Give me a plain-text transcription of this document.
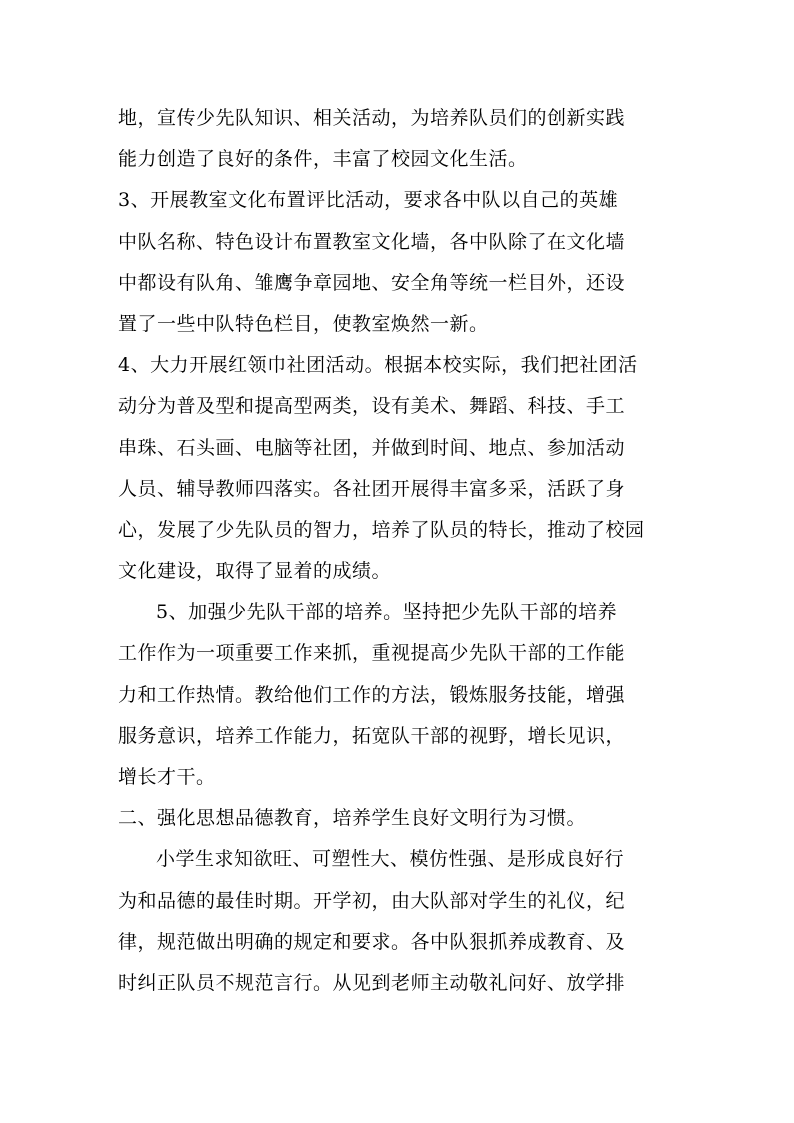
地，宣传少先队知识、相关活动，为培养队员们的创新实践
能力创造了良好的条件，丰富了校园文化生活。
3、开展教室文化布置评比活动，要求各中队以自己的英雄
中队名称、特色设计布置教室文化墙，各中队除了在文化墙
中都设有队角、雏鹰争章园地、安全角等统一栏目外，还设
置了一些中队特色栏目，使教室焕然一新。
4、大力开展红领巾社团活动。根据本校实际，我们把社团活
动分为普及型和提高型两类，设有美术、舞蹈、科技、手工
串珠、石头画、电脑等社团，并做到时间、地点、参加活动
人员、辅导教师四落实。各社团开展得丰富多采，活跃了身
心，发展了少先队员的智力，培养了队员的特长，推动了校园
文化建设，取得了显着的成绩。
5、加强少先队干部的培养。坚持把少先队干部的培养
工作作为一项重要工作来抓，重视提高少先队干部的工作能
力和工作热情。教给他们工作的方法，锻炼服务技能，增强
服务意识，培养工作能力，拓宽队干部的视野，增长见识，
增长才干。
二、强化思想品德教育，培养学生良好文明行为习惯。
小学生求知欲旺、可塑性大、模仿性强、是形成良好行
为和品德的最佳时期。开学初，由大队部对学生的礼仪，纪
律，规范做出明确的规定和要求。各中队狠抓养成教育、及
时纠正队员不规范言行。从见到老师主动敬礼问好、放学排
